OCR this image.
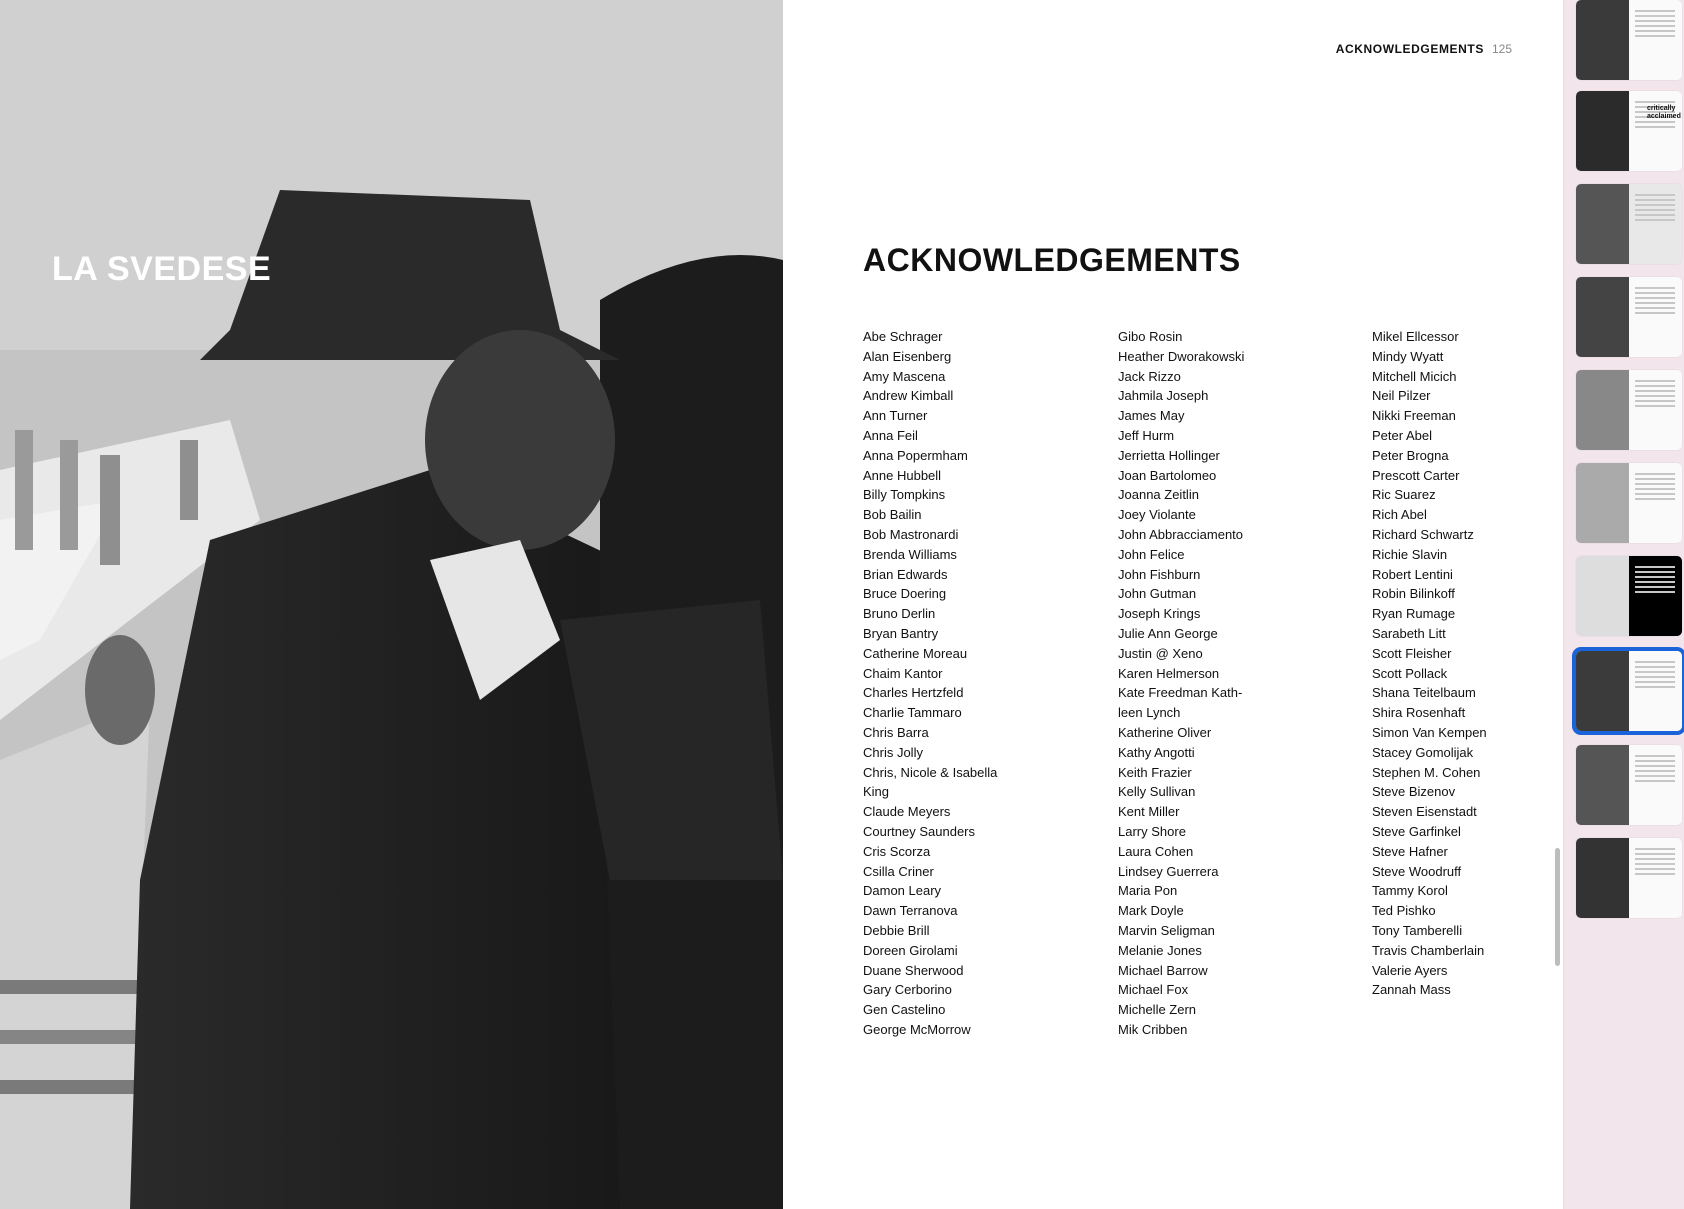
LA SVEDESE
ACKNOWLEDGEMENTS 125
ACKNOWLEDGEMENTS
Abe Schrager
Alan Eisenberg
Amy Mascena
Andrew Kimball
Ann Turner
Anna Feil
Anna Popermham
Anne Hubbell
Billy Tompkins
Bob Bailin
Bob Mastronardi
Brenda Williams
Brian Edwards
Bruce Doering
Bruno Derlin
Bryan Bantry
Catherine Moreau
Chaim Kantor
Charles Hertzfeld
Charlie Tammaro
Chris Barra
Chris Jolly
Chris, Nicole & Isabella
King
Claude Meyers
Courtney Saunders
Cris Scorza
Csilla Criner
Damon Leary
Dawn Terranova
Debbie Brill
Doreen Girolami
Duane Sherwood
Gary Cerborino
Gen Castelino
George McMorrow
Gibo Rosin
Heather Dworakowski
Jack Rizzo
Jahmila Joseph
James May
Jeff Hurm
Jerrietta Hollinger
Joan Bartolomeo
Joanna Zeitlin
Joey Violante
John Abbracciamento
John Felice
John Fishburn
John Gutman
Joseph Krings
Julie Ann George
Justin @ Xeno
Karen Helmerson
Kate Freedman Kath-
leen Lynch
Katherine Oliver
Kathy Angotti
Keith Frazier
Kelly Sullivan
Kent Miller
Larry Shore
Laura Cohen
Lindsey Guerrera
Maria Pon
Mark Doyle
Marvin Seligman
Melanie Jones
Michael Barrow
Michael Fox
Michelle Zern
Mik Cribben
Mikel Ellcessor
Mindy Wyatt
Mitchell Micich
Neil Pilzer
Nikki Freeman
Peter Abel
Peter Brogna
Prescott Carter
Ric Suarez
Rich Abel
Richard Schwartz
Richie Slavin
Robert Lentini
Robin Bilinkoff
Ryan Rumage
Sarabeth Litt
Scott Fleisher
Scott Pollack
Shana Teitelbaum
Shira Rosenhaft
Simon Van Kempen
Stacey Gomolijak
Stephen M. Cohen
Steve Bizenov
Steven Eisenstadt
Steve Garfinkel
Steve Hafner
Steve Woodruff
Tammy Korol
Ted Pishko
Tony Tamberelli
Travis Chamberlain
Valerie Ayers
Zannah Mass
critically acclaimed
